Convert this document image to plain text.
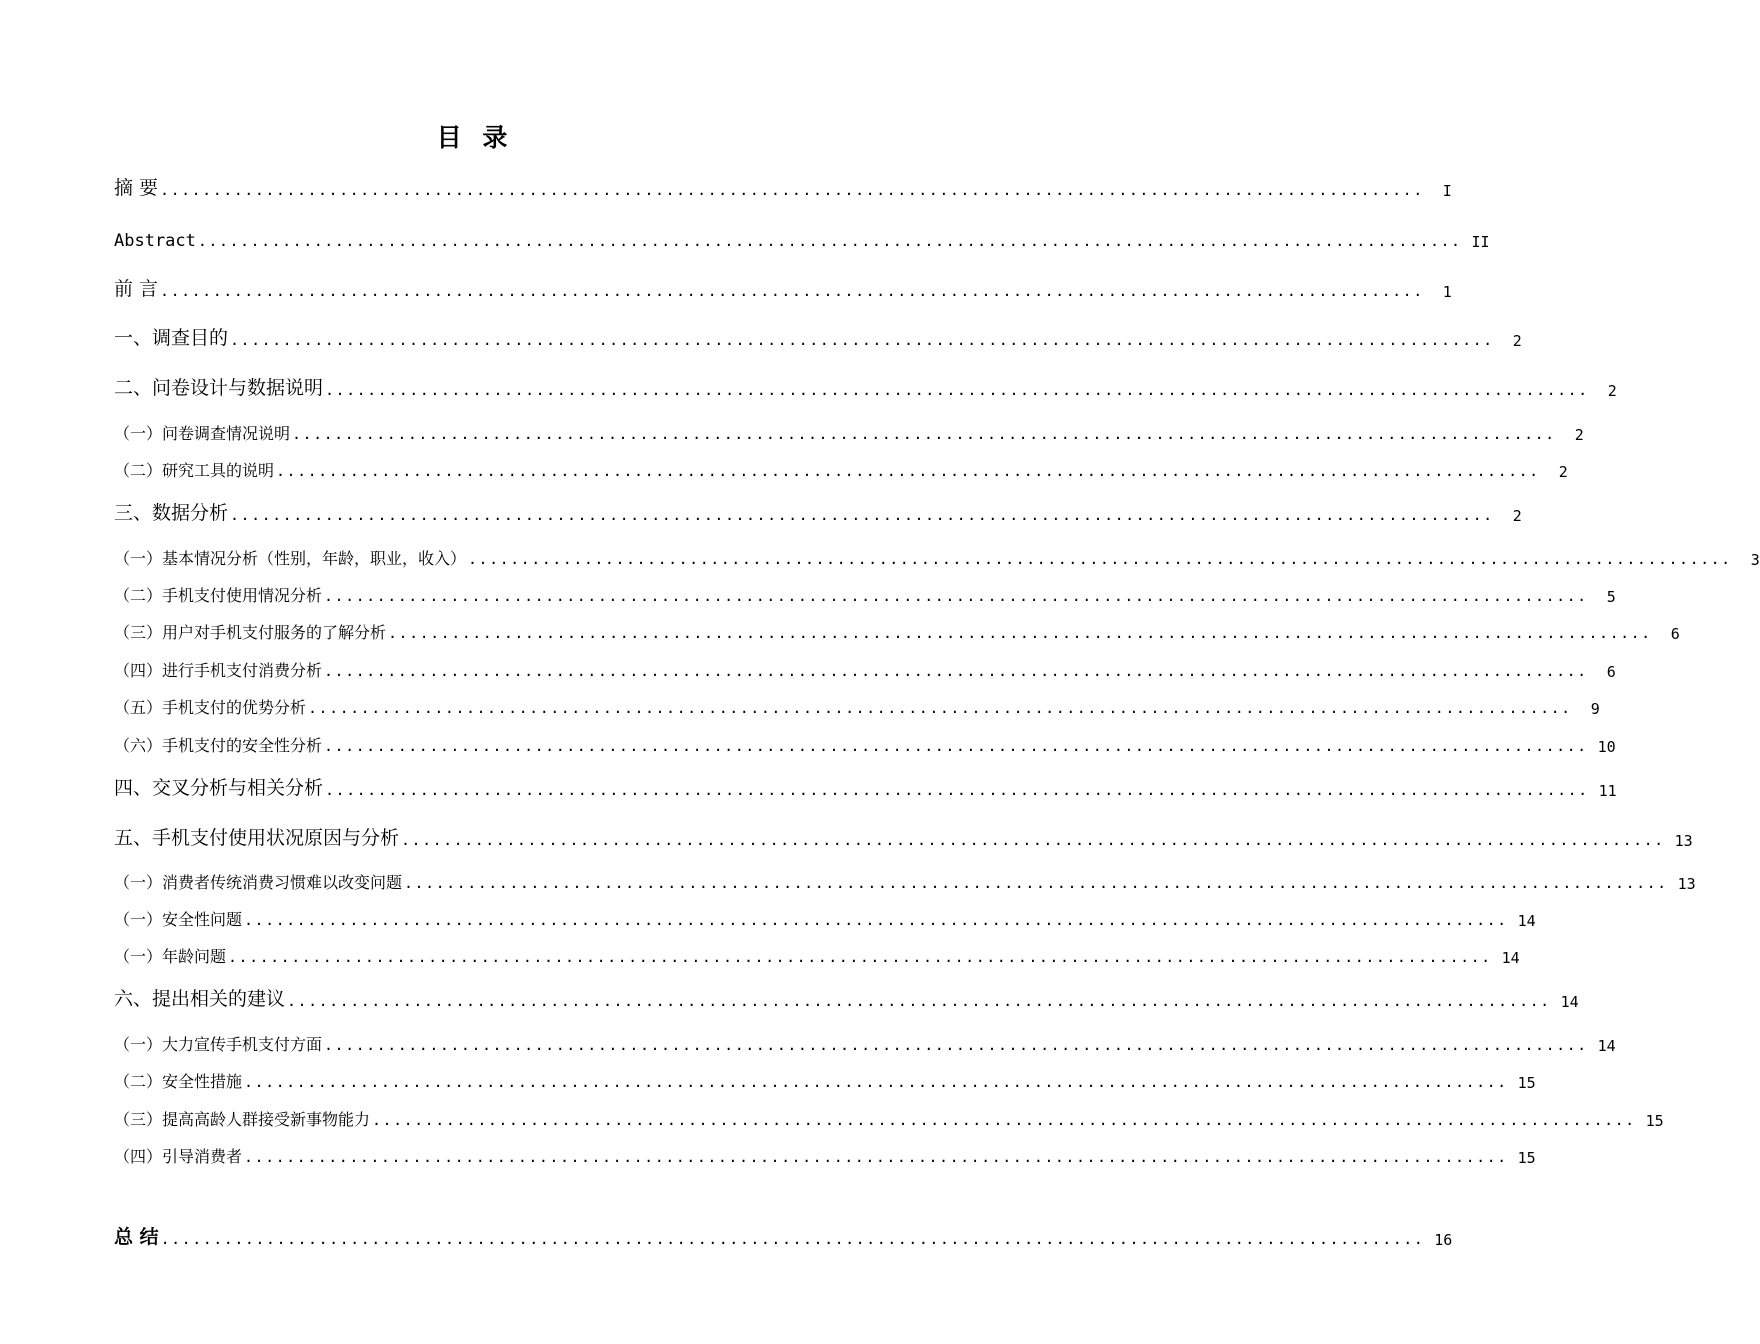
目 录
摘 要 ........................................................................................................................	I
Abstract ........................................................................................................................ II
前 言 ........................................................................................................................	1
一、调查目的 ........................................................................................................................	2
二、问卷设计与数据说明 ........................................................................................................................	2
（一）问卷调查情况说明 ........................................................................................................................	2
（二）研究工具的说明 ........................................................................................................................	2
三、数据分析 ........................................................................................................................	2
（一）基本情况分析（性别，年龄，职业，收入） ........................................................................................................................	3
（二）手机支付使用情况分析 ........................................................................................................................	5
（三）用户对手机支付服务的了解分析 ........................................................................................................................	6
（四）进行手机支付消费分析 ........................................................................................................................	6
（五）手机支付的优势分析 ........................................................................................................................	9
（六）手机支付的安全性分析 ........................................................................................................................ 10
四、交叉分析与相关分析 ........................................................................................................................ 11
五、手机支付使用状况原因与分析 ........................................................................................................................ 13
（一）消费者传统消费习惯难以改变问题 ........................................................................................................................ 13
（一）安全性问题 ........................................................................................................................ 14
（一）年龄问题 ........................................................................................................................ 14
六、提出相关的建议 ........................................................................................................................ 14
（一）大力宣传手机支付方面 ........................................................................................................................ 14
（二）安全性措施 ........................................................................................................................ 15
（三）提高高龄人群接受新事物能力 ........................................................................................................................ 15
（四）引导消费者 ........................................................................................................................ 15
总 结 ........................................................................................................................ 16
